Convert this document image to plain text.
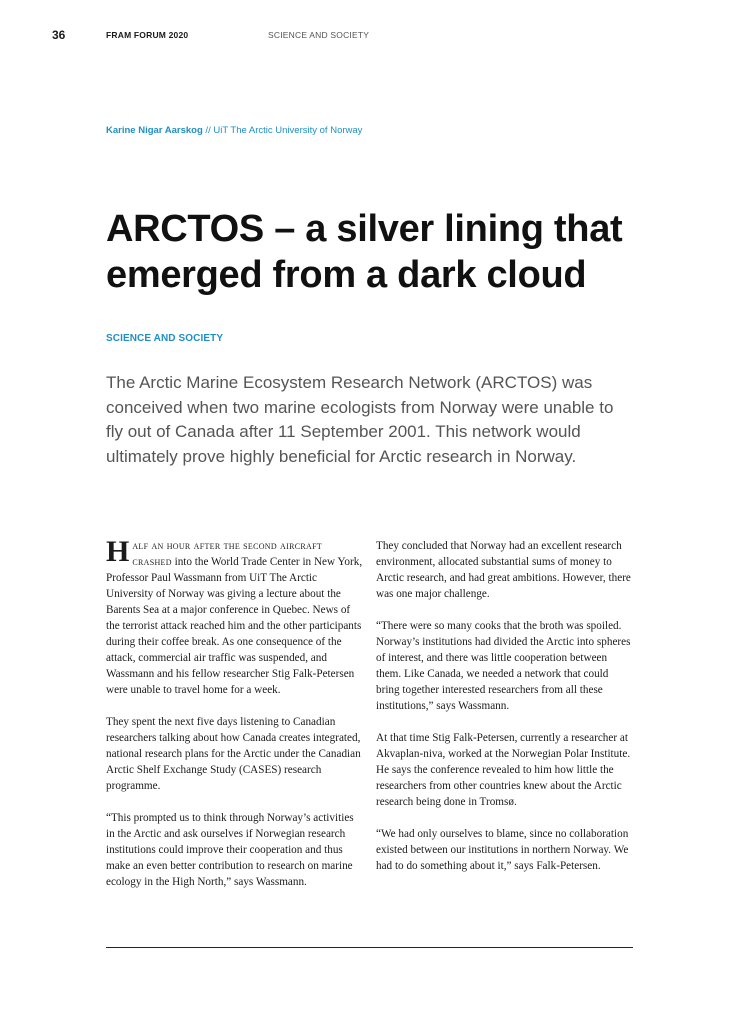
36	FRAM FORUM 2020	SCIENCE AND SOCIETY
Karine Nigar Aarskog // UiT The Arctic University of Norway
ARCTOS – a silver lining that emerged from a dark cloud
SCIENCE AND SOCIETY

The Arctic Marine Ecosystem Research Network (ARCTOS) was conceived when two marine ecologists from Norway were unable to fly out of Canada after 11 September 2001. This network would ultimately prove highly beneficial for Arctic research in Norway.

Half an hour after the second aircraft crashed into the World Trade Center in New York, Professor Paul Wassmann from UiT The Arctic University of Norway was giving a lecture about the Barents Sea at a major conference in Quebec. News of the terrorist attack reached him and the other participants during their coffee break. As one consequence of the attack, commercial air traffic was suspended, and Wassmann and his fellow researcher Stig Falk-Petersen were unable to travel home for a week.

They spent the next five days listening to Canadian researchers talking about how Canada creates integrated, national research plans for the Arctic under the Canadian Arctic Shelf Exchange Study (CASES) research programme.

“This prompted us to think through Norway’s activities in the Arctic and ask ourselves if Norwegian research institutions could improve their cooperation and thus make an even better contribution to research on marine ecology in the High North,” says Wassmann.

They concluded that Norway had an excellent research environment, allocated substantial sums of money to Arctic research, and had great ambitions. However, there was one major challenge.

“There were so many cooks that the broth was spoiled. Norway’s institutions had divided the Arctic into spheres of interest, and there was little cooperation between them. Like Canada, we needed a network that could bring together interested researchers from all these institutions,” says Wassmann.

At that time Stig Falk-Petersen, currently a researcher at Akvaplan-niva, worked at the Norwegian Polar Institute. He says the conference revealed to him how little the researchers from other countries knew about the Arctic research being done in Tromsø.

“We had only ourselves to blame, since no collaboration existed between our institutions in northern Norway. We had to do something about it,” says Falk-Petersen.
